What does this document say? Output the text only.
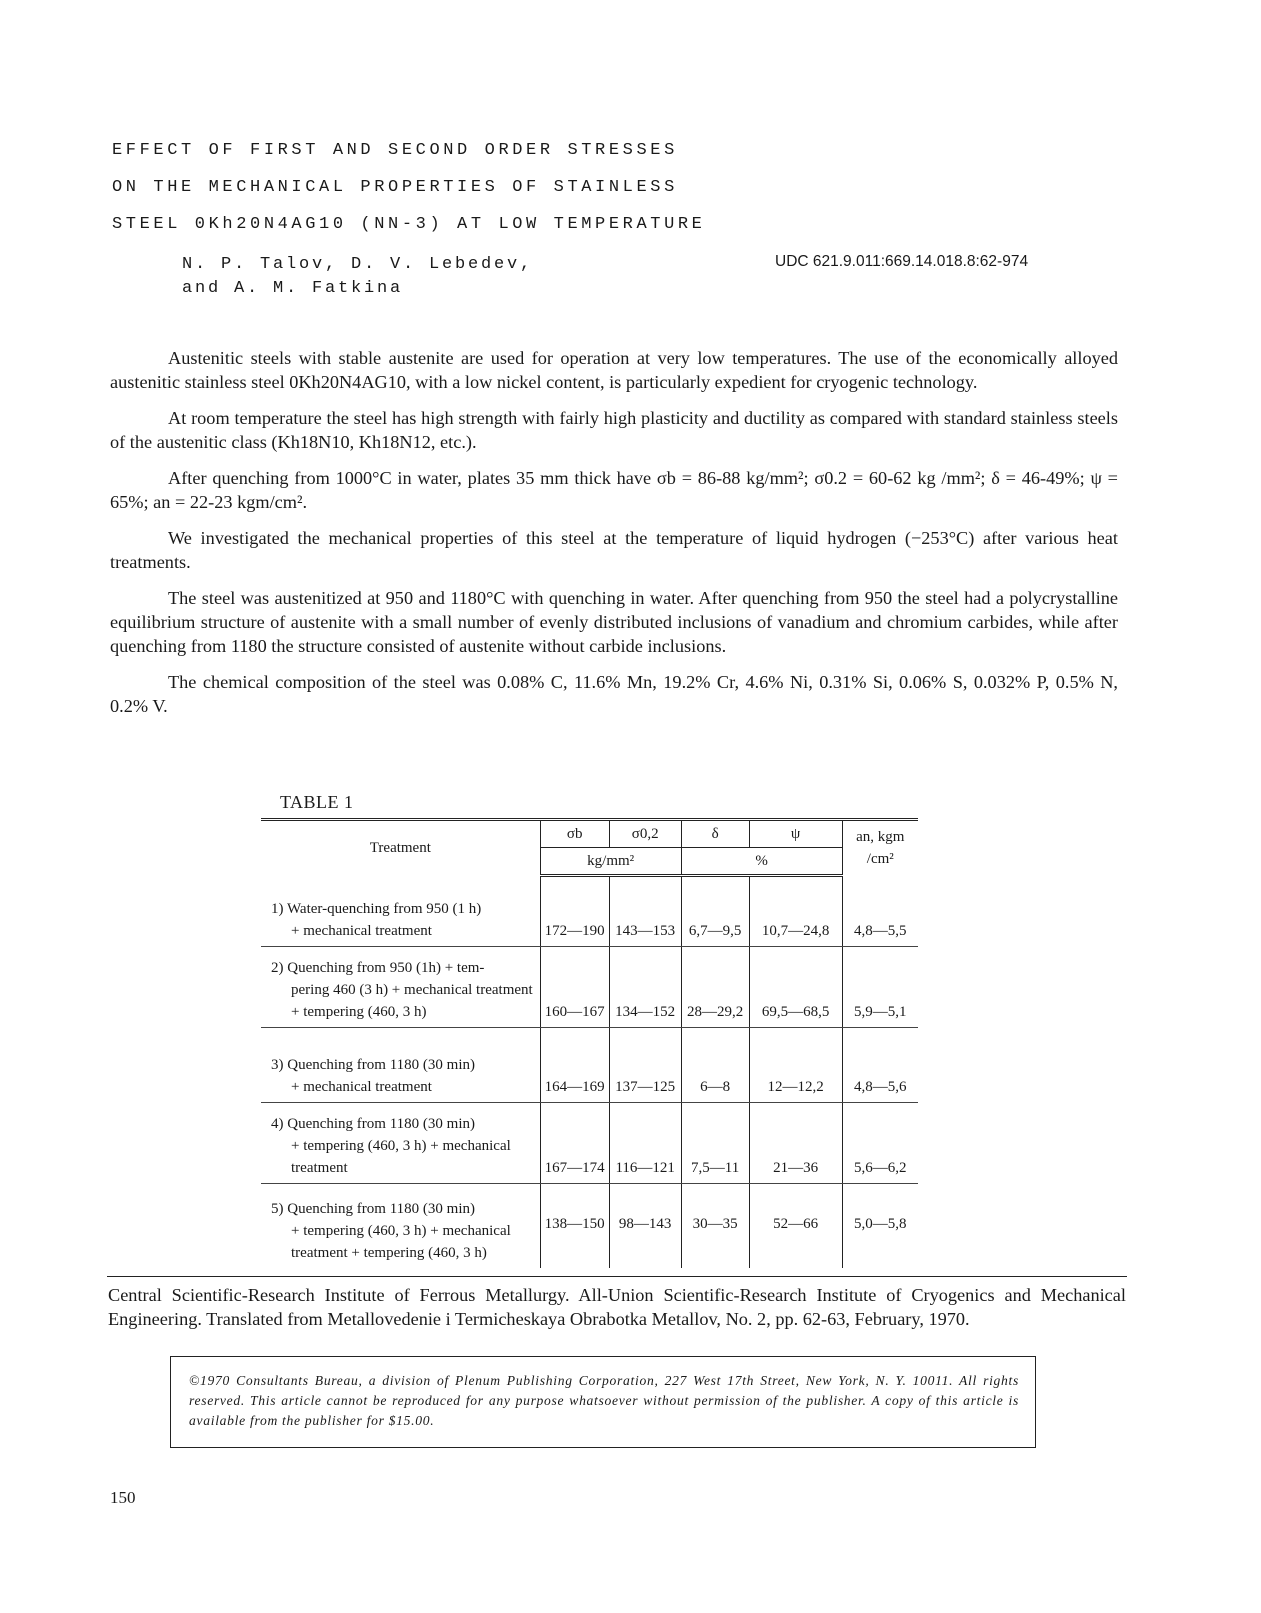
EFFECT OF FIRST AND SECOND ORDER STRESSES
ON THE MECHANICAL PROPERTIES OF STAINLESS
STEEL 0Kh20N4AG10 (NN-3) AT LOW TEMPERATURE
N. P. Talov, D. V. Lebedev,
and A. M. Fatkina
UDC 621.9.011:669.14.018.8:62-974

Austenitic steels with stable austenite are used for operation at very low temperatures. The use of the economically alloyed austenitic stainless steel 0Kh20N4AG10, with a low nickel content, is particularly expedient for cryogenic technology.

At room temperature the steel has high strength with fairly high plasticity and ductility as compared with standard stainless steels of the austenitic class (Kh18N10, Kh18N12, etc.).

After quenching from 1000°C in water, plates 35 mm thick have σb = 86-88 kg/mm²; σ0.2 = 60-62 kg /mm²; δ = 46-49%; ψ = 65%; an = 22-23 kgm/cm².

We investigated the mechanical properties of this steel at the temperature of liquid hydrogen (−253°C) after various heat treatments.

The steel was austenitized at 950 and 1180°C with quenching in water. After quenching from 950 the steel had a polycrystalline equilibrium structure of austenite with a small number of evenly distributed inclusions of vanadium and chromium carbides, while after quenching from 1180 the structure consisted of austenite without carbide inclusions.

The chemical composition of the steel was 0.08% C, 11.6% Mn, 19.2% Cr, 4.6% Ni, 0.31% Si, 0.06% S, 0.032% P, 0.5% N, 0.2% V.

TABLE 1
Treatment	σb	σ0,2	δ	ψ	an, kgm /cm²
	kg/mm²		%		
1) Water-quenching from 950 (1 h)
+ mechanical treatment	172—190	143—153	6,7—9,5	10,7—24,8	4,8—5,5
2) Quenching from 950 (1h) + tem-
pering 460 (3 h) + mechanical treatment + tempering (460, 3 h)	160—167	134—152	28—29,2	69,5—68,5	5,9—5,1
3) Quenching from 1180 (30 min)
+ mechanical treatment	164—169	137—125	6—8	12—12,2	4,8—5,6
4) Quenching from 1180 (30 min)
+ tempering (460, 3 h) + mechanical treatment	167—174	116—121	7,5—11	21—36	5,6—6,2
5) Quenching from 1180 (30 min)
+ tempering (460, 3 h) + mechanical treatment + tempering (460, 3 h)	138—150	98—143	30—35	52—66	5,0—5,8
Central Scientific-Research Institute of Ferrous Metallurgy. All-Union Scientific-Research Institute of Cryogenics and Mechanical Engineering. Translated from Metallovedenie i Termicheskaya Obrabotka Metallov, No. 2, pp. 62-63, February, 1970.

©1970 Consultants Bureau, a division of Plenum Publishing Corporation, 227 West 17th Street, New York, N. Y. 10011. All rights reserved. This article cannot be reproduced for any purpose whatsoever without permission of the publisher. A copy of this article is available from the publisher for $15.00.

150
